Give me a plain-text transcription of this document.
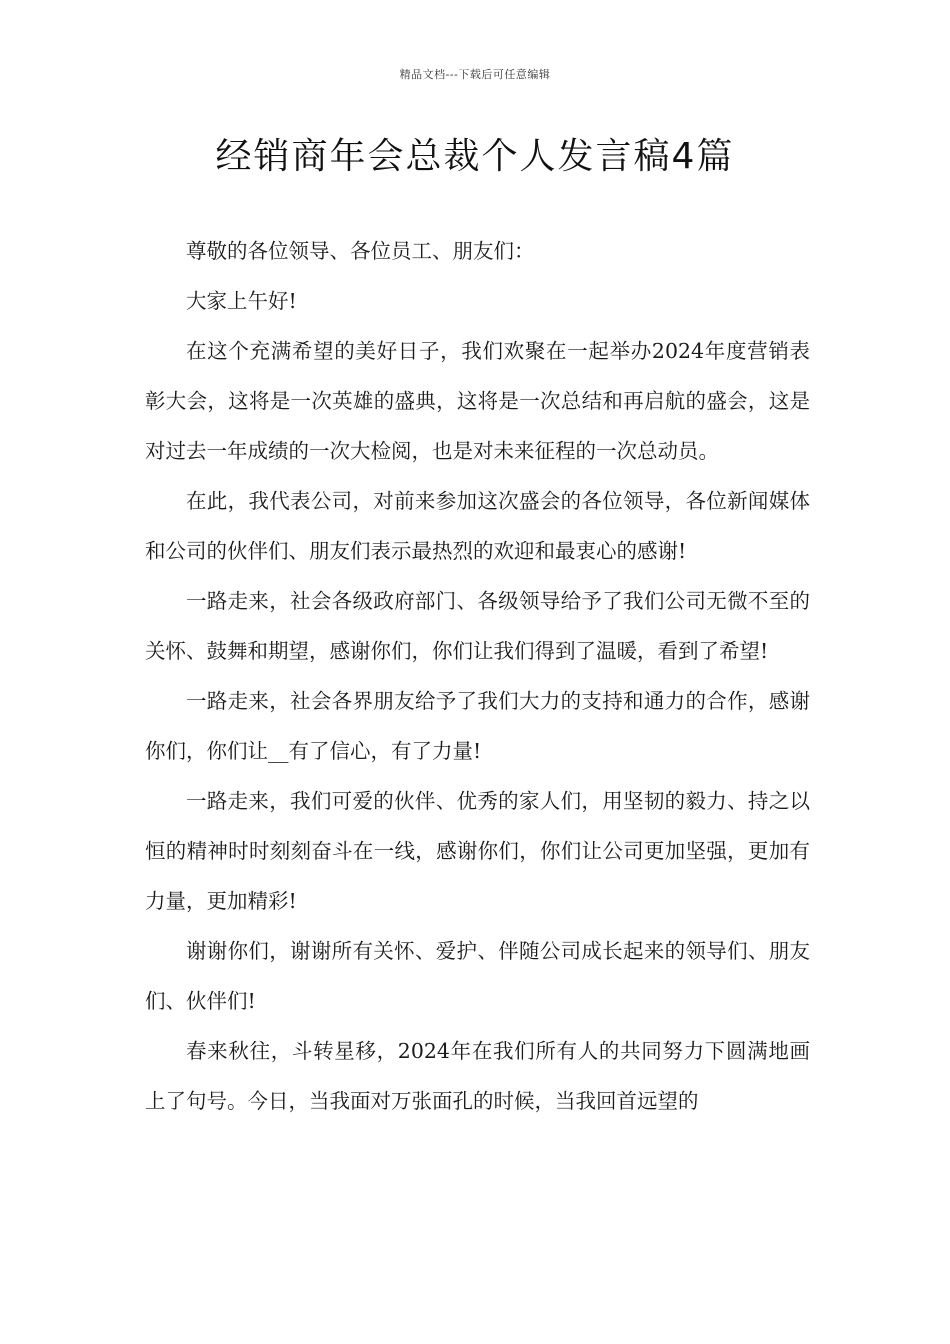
精品文档---下载后可任意编辑
经销商年会总裁个人发言稿4篇

尊敬的各位领导、各位员工、朋友们：

大家上午好!

在这个充满希望的美好日子，我们欢聚在一起举办2024年度营销表彰大会，这将是一次英雄的盛典，这将是一次总结和再启航的盛会，这是对过去一年成绩的一次大检阅，也是对未来征程的一次总动员。

在此，我代表公司，对前来参加这次盛会的各位领导，各位新闻媒体和公司的伙伴们、朋友们表示最热烈的欢迎和最衷心的感谢!

一路走来，社会各级政府部门、各级领导给予了我们公司无微不至的关怀、鼓舞和期望，感谢你们，你们让我们得到了温暖，看到了希望!

一路走来，社会各界朋友给予了我们大力的支持和通力的合作，感谢你们，你们让__有了信心，有了力量!

一路走来，我们可爱的伙伴、优秀的家人们，用坚韧的毅力、持之以恒的精神时时刻刻奋斗在一线，感谢你们，你们让公司更加坚强，更加有力量，更加精彩!

谢谢你们，谢谢所有关怀、爱护、伴随公司成长起来的领导们、朋友们、伙伴们!

春来秋往，斗转星移，2024年在我们所有人的共同努力下圆满地画上了句号。今日，当我面对万张面孔的时候，当我回首远望的
